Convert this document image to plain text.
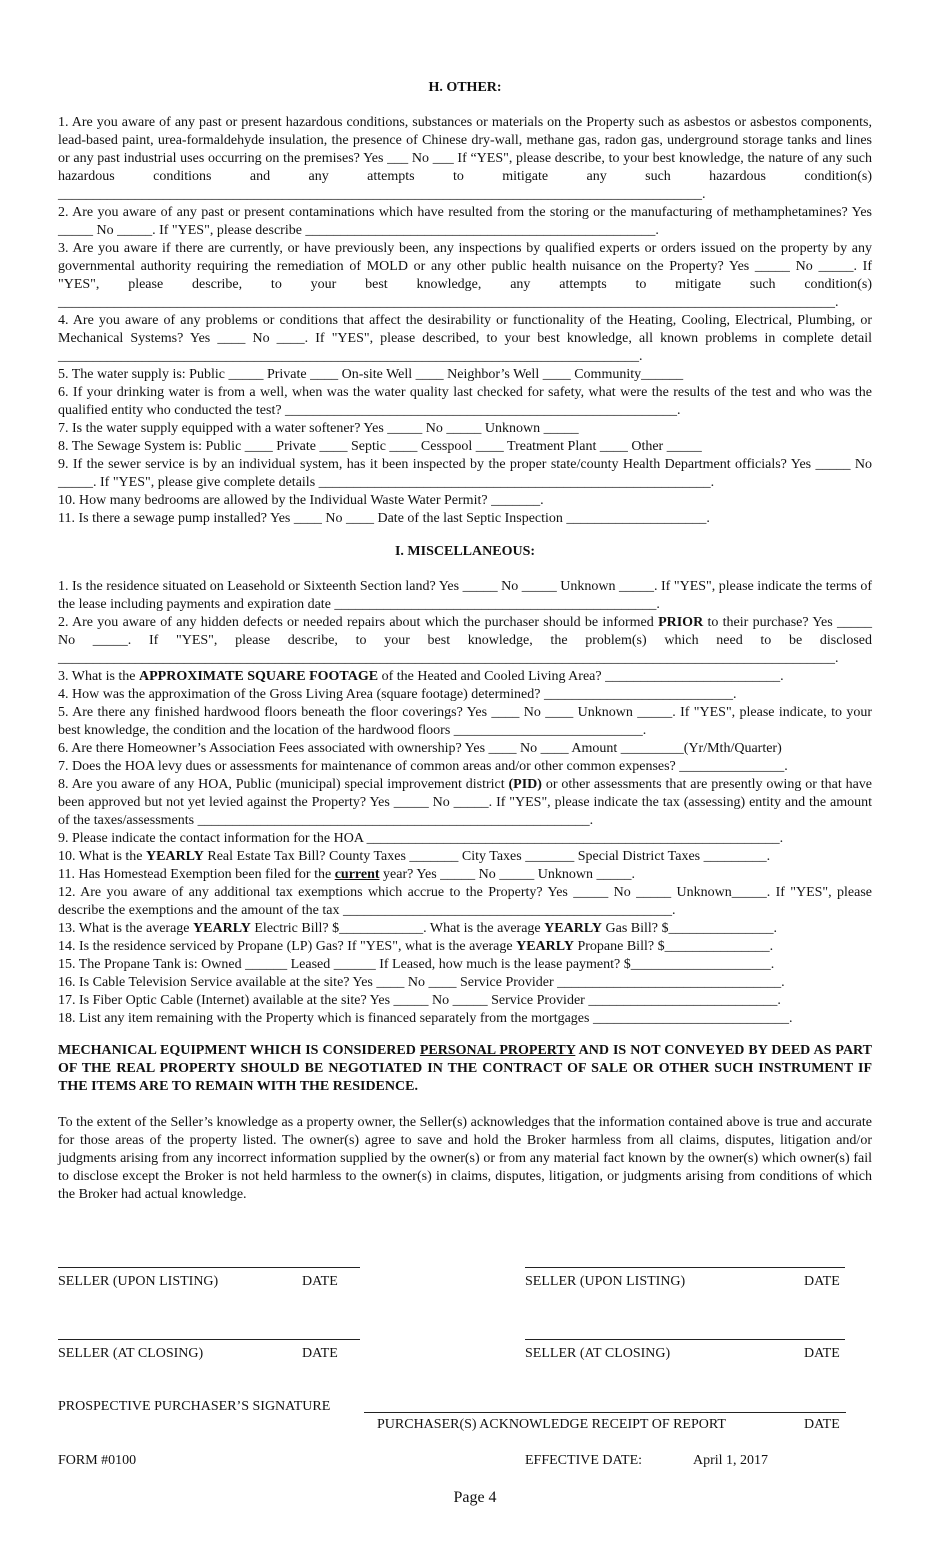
H. OTHER:

1. Are you aware of any past or present hazardous conditions, substances or materials on the Property such as asbestos or asbestos components, lead-based paint, urea-formaldehyde insulation, the presence of Chinese dry-wall, methane gas, radon gas, underground storage tanks and lines or any past industrial uses occurring on the premises? Yes ___ No ___ If “YES", please describe, to your best knowledge, the nature of any such hazardous conditions and any attempts to mitigate any such hazardous condition(s) ____________________________________________________________________________________________.

2. Are you aware of any past or present contaminations which have resulted from the storing or the manufacturing of methamphetamines? Yes _____ No _____. If "YES", please describe __________________________________________________.

3. Are you aware if there are currently, or have previously been, any inspections by qualified experts or orders issued on the property by any governmental authority requiring the remediation of MOLD or any other public health nuisance on the Property? Yes _____ No _____. If "YES", please describe, to your best knowledge, any attempts to mitigate such condition(s) _______________________________________________________________________________________________________________.

4. Are you aware of any problems or conditions that affect the desirability or functionality of the Heating, Cooling, Electrical, Plumbing, or Mechanical Systems? Yes ____ No ____. If "YES", please described, to your best knowledge, all known problems in complete detail ___________________________________________________________________________________.

5. The water supply is: Public _____ Private ____ On-site Well ____ Neighbor’s Well ____ Community______

6. If your drinking water is from a well, when was the water quality last checked for safety, what were the results of the test and who was the qualified entity who conducted the test? ________________________________________________________.

7. Is the water supply equipped with a water softener? Yes _____ No _____ Unknown _____

8. The Sewage System is: Public ____ Private ____ Septic ____ Cesspool ____ Treatment Plant ____ Other _____

9. If the sewer service is by an individual system, has it been inspected by the proper state/county Health Department officials? Yes _____ No _____. If "YES", please give complete details ________________________________________________________.

10. How many bedrooms are allowed by the Individual Waste Water Permit? _______.

11. Is there a sewage pump installed? Yes ____ No ____ Date of the last Septic Inspection ____________________.

I. MISCELLANEOUS:

1. Is the residence situated on Leasehold or Sixteenth Section land? Yes _____ No _____ Unknown _____. If "YES", please indicate the terms of the lease including payments and expiration date ______________________________________________.

2. Are you aware of any hidden defects or needed repairs about which the purchaser should be informed PRIOR to their purchase? Yes _____ No _____. If "YES", please describe, to your best knowledge, the problem(s) which need to be disclosed _______________________________________________________________________________________________________________.

3. What is the APPROXIMATE SQUARE FOOTAGE of the Heated and Cooled Living Area? _________________________.

4. How was the approximation of the Gross Living Area (square footage) determined? ___________________________.

5. Are there any finished hardwood floors beneath the floor coverings? Yes ____ No ____ Unknown _____. If "YES", please indicate, to your best knowledge, the condition and the location of the hardwood floors ___________________________.

6. Are there Homeowner’s Association Fees associated with ownership? Yes ____ No ____ Amount _________(Yr/Mth/Quarter)

7. Does the HOA levy dues or assessments for maintenance of common areas and/or other common expenses? _______________.

8. Are you aware of any HOA, Public (municipal) special improvement district (PID) or other assessments that are presently owing or that have been approved but not yet levied against the Property? Yes _____ No _____. If "YES", please indicate the tax (assessing) entity and the amount of the taxes/assessments ________________________________________________________.

9. Please indicate the contact information for the HOA ___________________________________________________________.

10. What is the YEARLY Real Estate Tax Bill? County Taxes _______ City Taxes _______ Special District Taxes _________.

11. Has Homestead Exemption been filed for the current year? Yes _____ No _____ Unknown _____.

12. Are you aware of any additional tax exemptions which accrue to the Property? Yes _____ No _____ Unknown_____. If "YES", please describe the exemptions and the amount of the tax _______________________________________________.

13. What is the average YEARLY Electric Bill? $____________. What is the average YEARLY Gas Bill? $_______________.

14. Is the residence serviced by Propane (LP) Gas? If "YES", what is the average YEARLY Propane Bill? $_______________.

15. The Propane Tank is: Owned ______ Leased ______ If Leased, how much is the lease payment? $____________________.

16. Is Cable Television Service available at the site? Yes ____ No ____ Service Provider ________________________________.

17. Is Fiber Optic Cable (Internet) available at the site? Yes _____ No _____ Service Provider ___________________________.

18. List any item remaining with the Property which is financed separately from the mortgages ____________________________.

MECHANICAL EQUIPMENT WHICH IS CONSIDERED PERSONAL PROPERTY AND IS NOT CONVEYED BY DEED AS PART OF THE REAL PROPERTY SHOULD BE NEGOTIATED IN THE CONTRACT OF SALE OR OTHER SUCH INSTRUMENT IF THE ITEMS ARE TO REMAIN WITH THE RESIDENCE.

To the extent of the Seller’s knowledge as a property owner, the Seller(s) acknowledges that the information contained above is true and accurate for those areas of the property listed. The owner(s) agree to save and hold the Broker harmless from all claims, disputes, litigation and/or judgments arising from any incorrect information supplied by the owner(s) or from any material fact known by the owner(s) which owner(s) fail to disclose except the Broker is not held harmless to the owner(s) in claims, disputes, litigation, or judgments arising from conditions of which the Broker had actual knowledge.

SELLER (UPON LISTING)	DATE	SELLER (UPON LISTING)	DATE
SELLER (AT CLOSING)	DATE	SELLER (AT CLOSING)	DATE
PROSPECTIVE PURCHASER’S SIGNATURE
PURCHASER(S) ACKNOWLEDGE RECEIPT OF REPORT	DATE
FORM #0100	EFFECTIVE DATE:	April 1, 2017
Page 4
